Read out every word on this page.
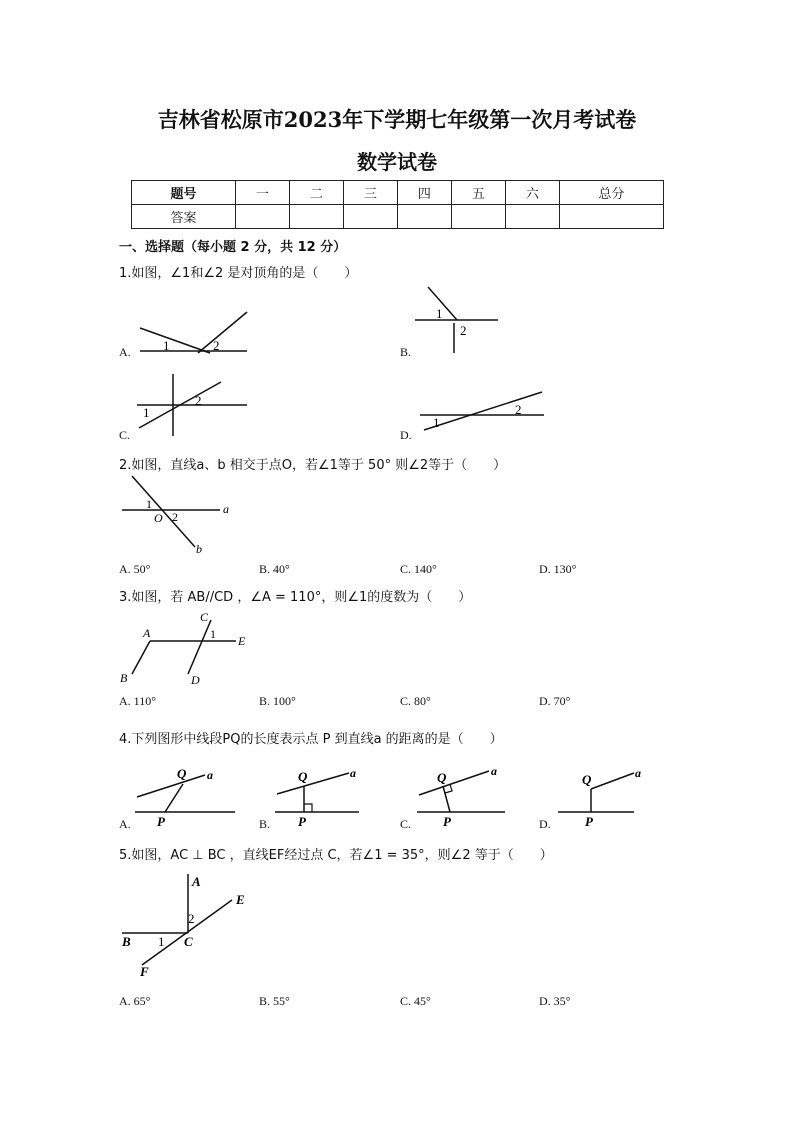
吉林省松原市2023年下学期七年级第一次月考试卷
数学试卷
题号	一	二	三	四	五	六	总分
答案							
一、选择题（每小题 2 分，共 12 分）
1.如图，∠1和∠2 是对顶角的是（　　）
1	2
A.
1
2
B.
1
2
C.
1
2
D.
2.如图，直线a、b 相交于点O，若∠1等于 50° 则∠2等于（　　）
a
b
O
1
2
A. 50°	B. 40°	C. 140°	D. 130°
3.如图，若 AB//CD ，∠A = 110°，则∠1的度数为（　　）
A
B
C
D
E
1
A. 110°	B. 100°	C. 80°	D. 70°
4.下列图形中线段PQ的长度表示点 P 到直线a 的距离的是（　　）
Q a
P
A.
Q	a
P
B.
Q	a
P
C.
Q	a
P
D.
5.如图，AC ⊥ BC ，直线EF经过点 C，若∠1 = 35°，则∠2 等于（　　）
A
B	C
E
F
1
2
A. 65°	B. 55°	C. 45°	D. 35°
